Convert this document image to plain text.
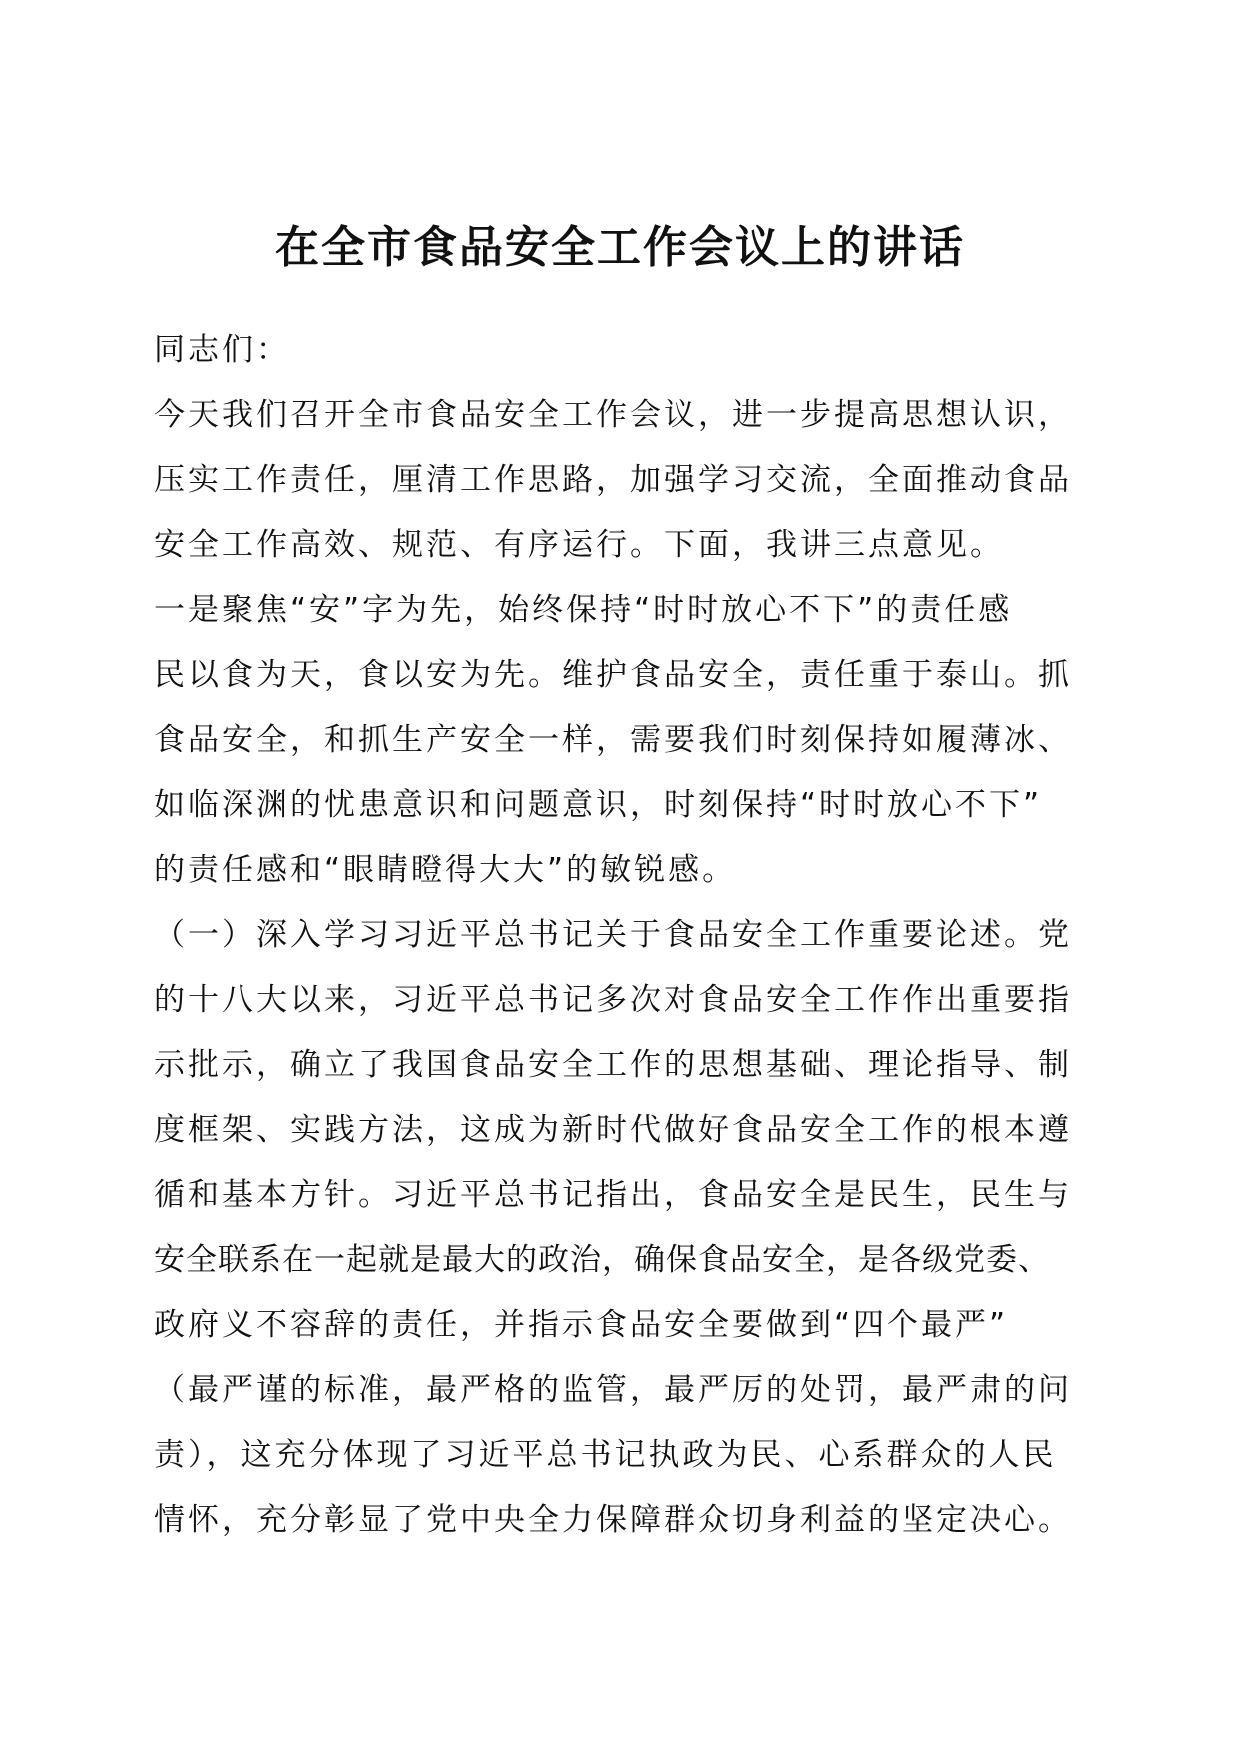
在全市食品安全工作会议上的讲话
同志们：
今天我们召开全市食品安全工作会议，进一步提高思想认识，
压实工作责任，厘清工作思路，加强学习交流，全面推动食品
安全工作高效、规范、有序运行。下面，我讲三点意见。
一是聚焦“安”字为先，始终保持“时时放心不下”的责任感
民以食为天，食以安为先。维护食品安全，责任重于泰山。抓
食品安全，和抓生产安全一样，需要我们时刻保持如履薄冰、
如临深渊的忧患意识和问题意识，时刻保持“时时放心不下”
的责任感和“眼睛瞪得大大”的敏锐感。
（一）深入学习习近平总书记关于食品安全工作重要论述。党
的十八大以来，习近平总书记多次对食品安全工作作出重要指
示批示，确立了我国食品安全工作的思想基础、理论指导、制
度框架、实践方法，这成为新时代做好食品安全工作的根本遵
循和基本方针。习近平总书记指出，食品安全是民生，民生与
安全联系在一起就是最大的政治，确保食品安全，是各级党委、
政府义不容辞的责任，并指示食品安全要做到“四个最严”
（最严谨的标准，最严格的监管，最严厉的处罚，最严肃的问
责），这充分体现了习近平总书记执政为民、心系群众的人民
情怀，充分彰显了党中央全力保障群众切身利益的坚定决心。
